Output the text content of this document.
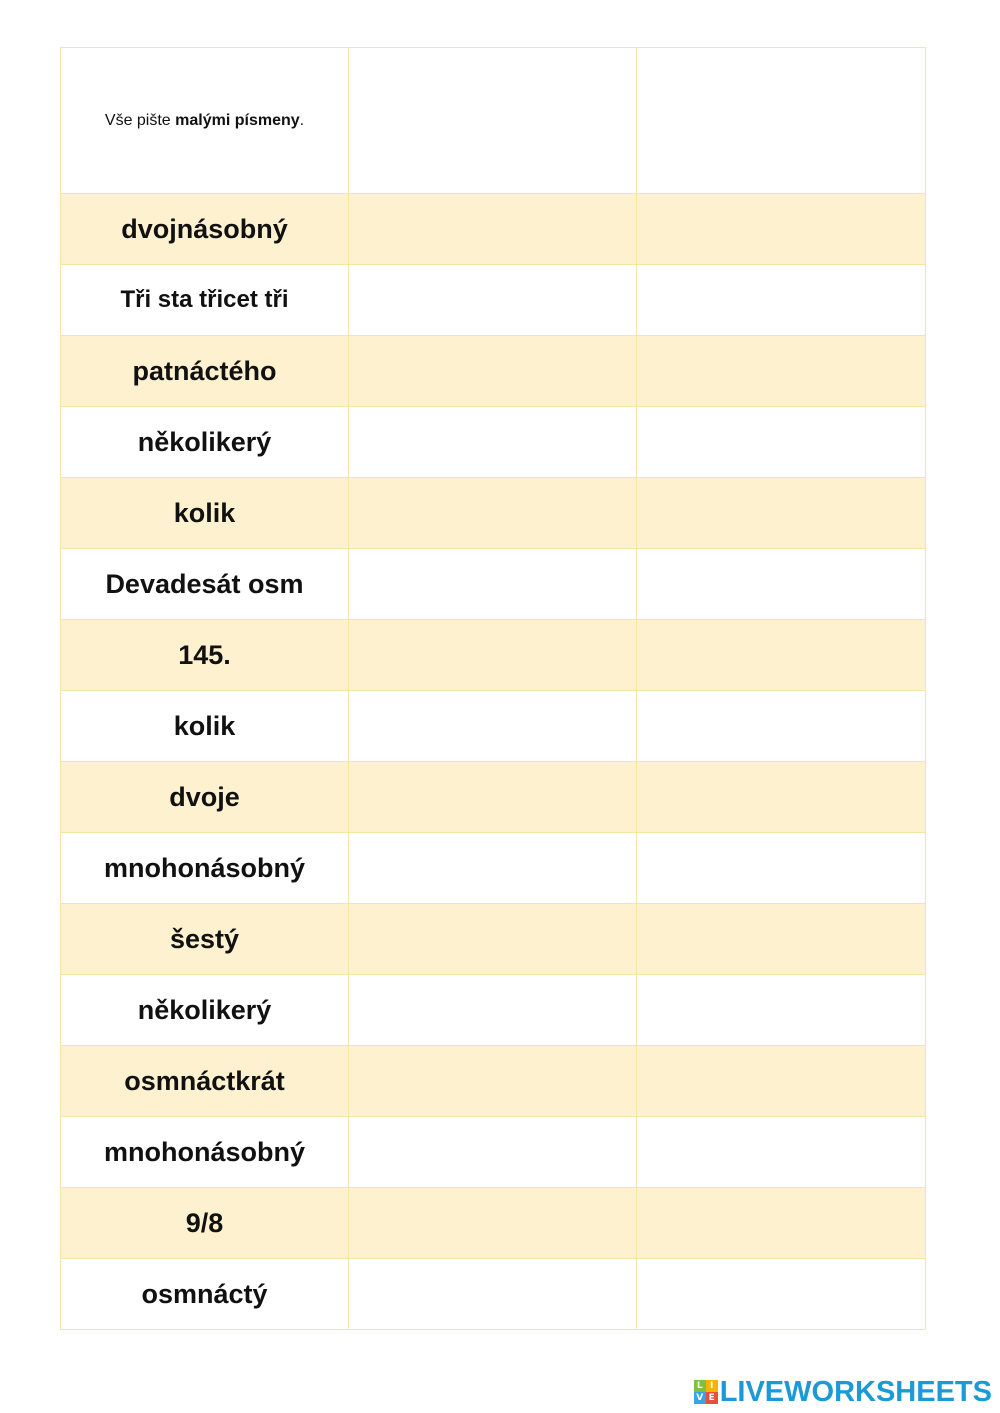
Vše pište malými písmeny.		
dvojnásobný		
Tři sta třicet tři		
patnáctého		
několikerý		
kolik		
Devadesát osm		
145.		
kolik		
dvoje		
mnohonásobný		
šestý		
několikerý		
osmnáctkrát		
mnohonásobný		
9/8		
osmnáctý		
L I
V E LIVEWORKSHEETS
